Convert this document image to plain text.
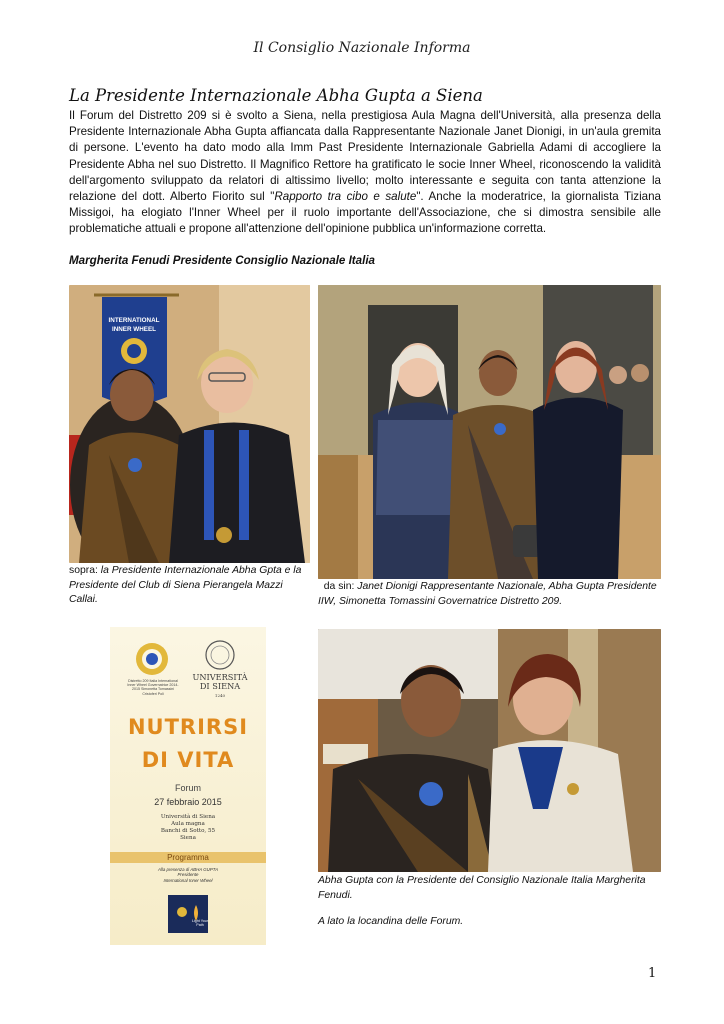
Il Consiglio Nazionale Informa
La Presidente Internazionale Abha Gupta a Siena

Il Forum del Distretto 209 si è svolto a Siena, nella prestigiosa Aula Magna dell'Università, alla presenza della Presidente Internazionale Abha Gupta affiancata dalla Rappresentante Nazionale Janet Dionigi, in un'aula gremita di persone. L'evento ha dato modo alla Imm Past Presidente Internazionale Gabriella Adami di accogliere la Presidente Abha nel suo Distretto. Il Magnifico Rettore ha gratificato le socie Inner Wheel, riconoscendo la validità dell'argomento sviluppato da relatori di altissimo livello; molto interessante e seguita con tanta attenzione la relazione del dott. Alberto Fiorito sul "Rapporto tra cibo e salute". Anche la moderatrice, la giornalista Tiziana Missigoi, ha elogiato l'Inner Wheel per il ruolo importante dell'Associazione, che si dimostra sensibile alle problematiche attuali e propone all'attenzione dell'opinione pubblica un'informazione corretta.

Margherita Fenudi Presidente Consiglio Nazionale Italia
INTERNATIONAL
INNER WHEEL
sopra: la Presidente Internazionale Abha Gpta e la Presidente del Club di Siena Pierangela Mazzi Callai.
da sin: Janet Dionigi Rappresentante Nazionale, Abha Gupta Presidente IIW, Simonetta Tomassini Governatrice Distretto 209.
Distretto 209 Italia International Inner Wheel Governatrice 2014-2015 Simonetta Tomassini Cristoferi Poli
UNIVERSITÀ
DI SIENA
1240
NUTRIRSI
DI VITA
Forum
27 febbraio 2015
Università di Siena
Aula magna
Banchi di Sotto, 55
Siena
Programma
Alla presenza di ABHA GUPTA
Presidente
International Inner Wheel
Light Your Path
Abha Gupta con la Presidente del Consiglio Nazionale Italia Margherita Fenudi.
A lato la locandina delle Forum.
1
